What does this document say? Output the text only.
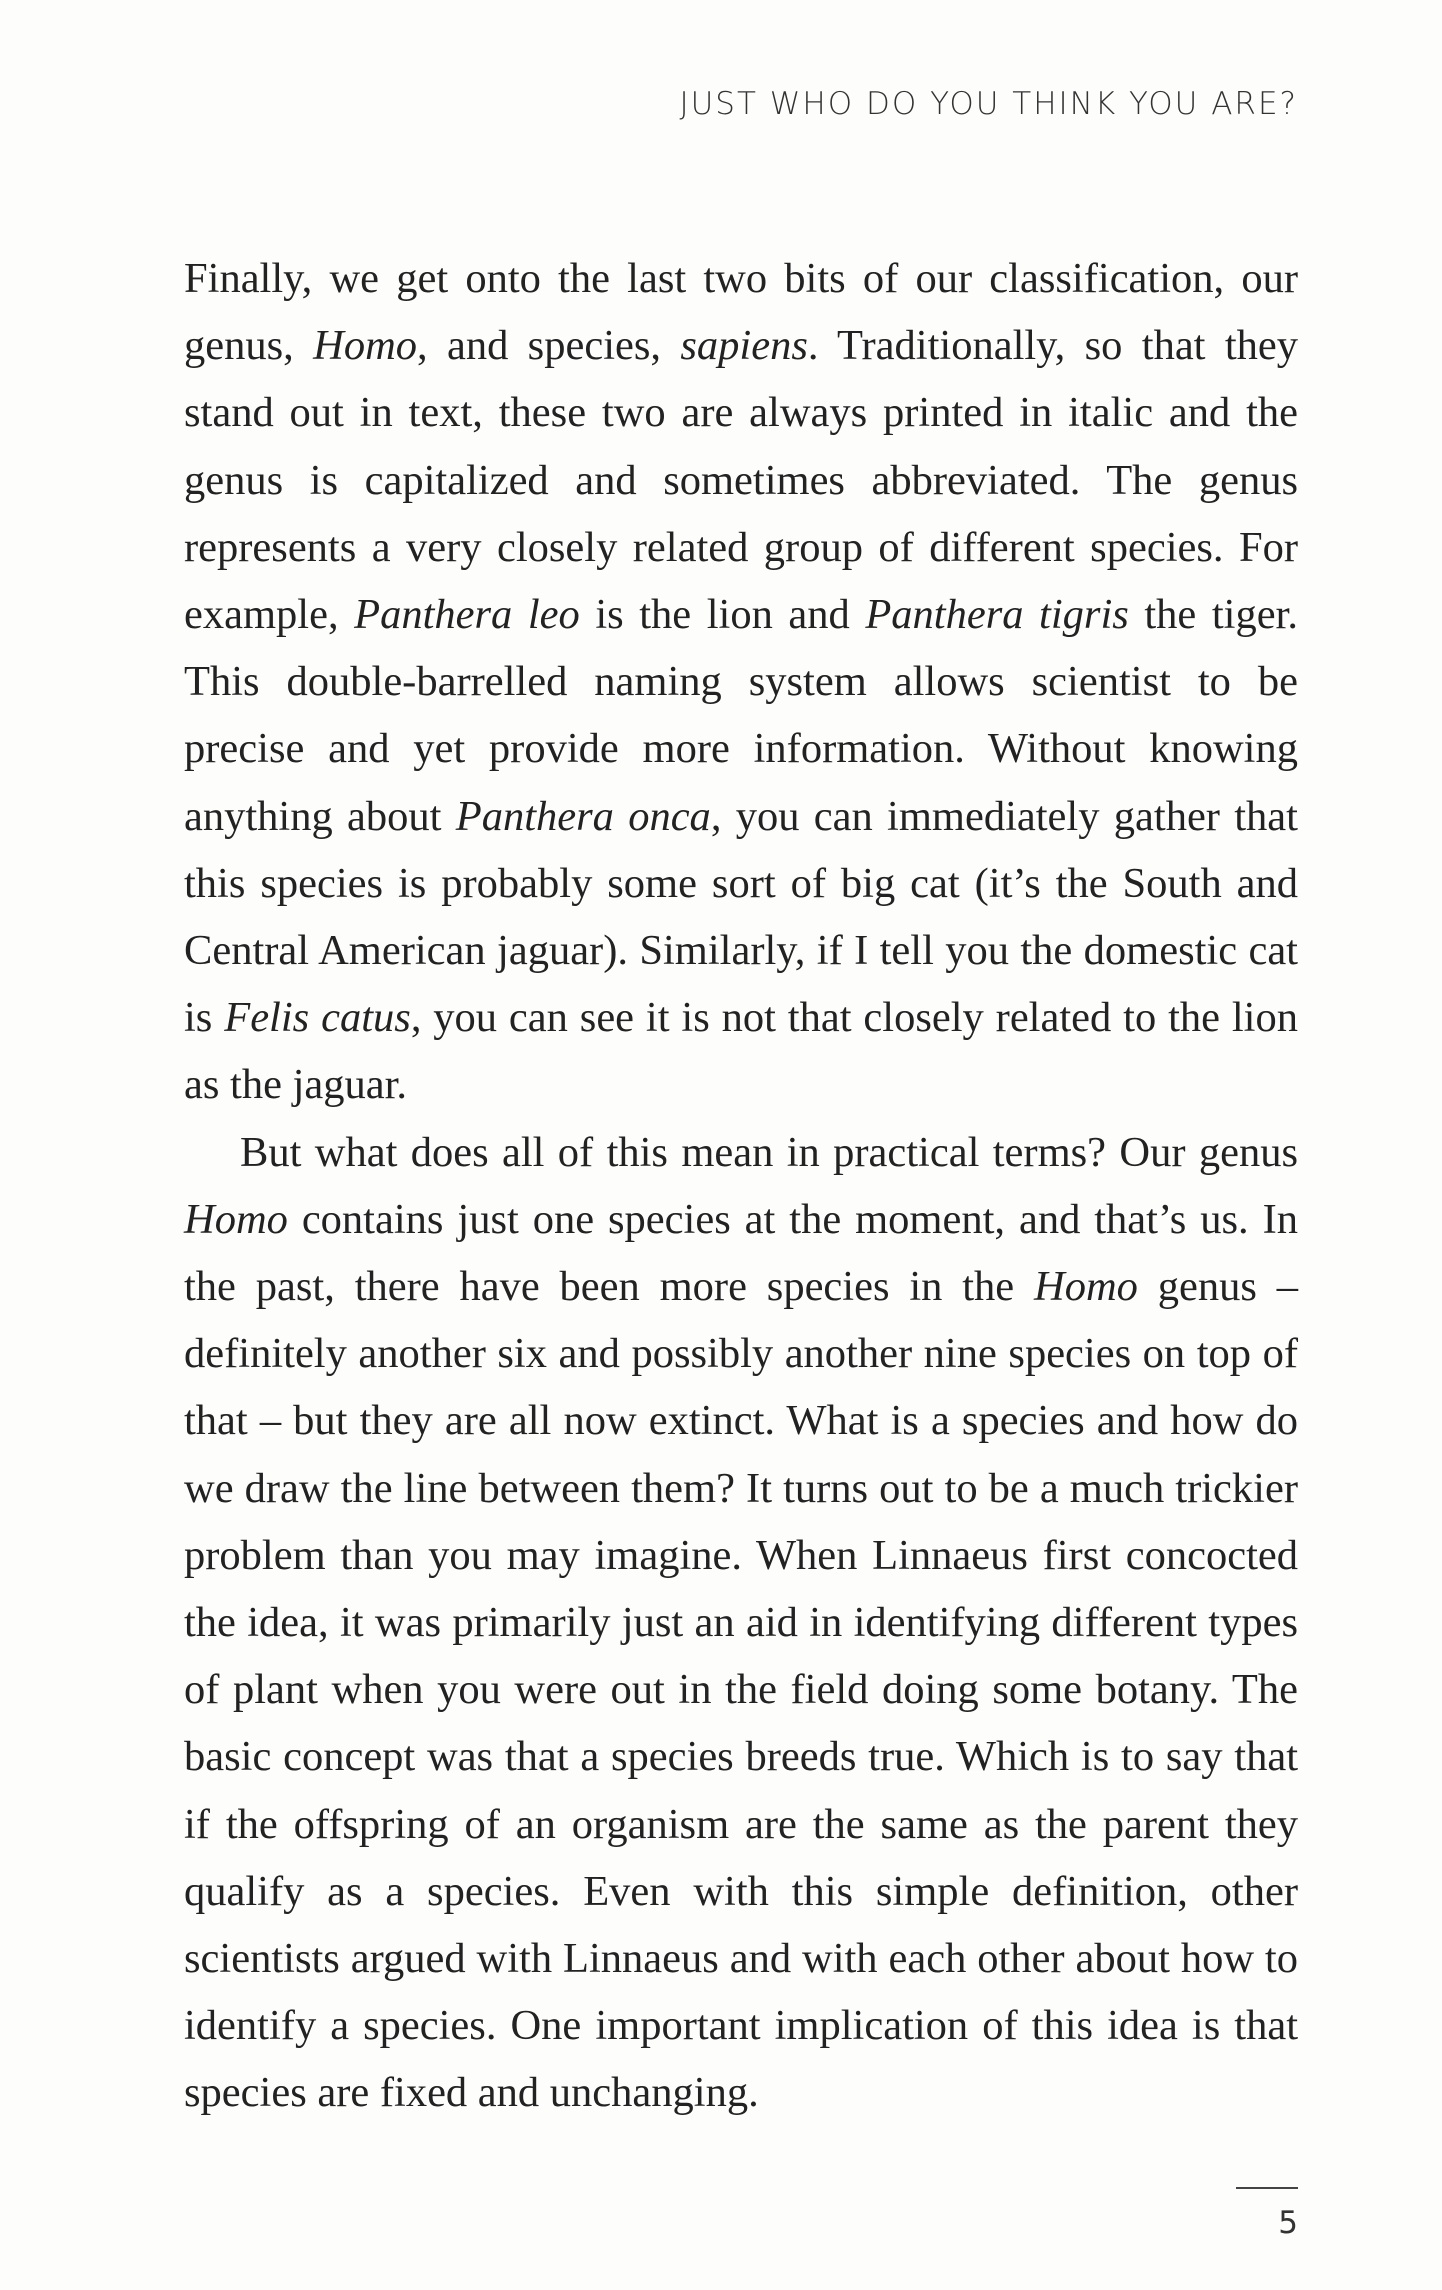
JUST WHO DO YOU THINK YOU ARE?

Finally, we get onto the last two bits of our classification, our genus, Homo, and species, sapiens. Traditionally, so that they stand out in text, these two are always printed in italic and the genus is capitalized and sometimes abbreviated. The genus represents a very closely related group of different species. For example, Panthera leo is the lion and Panthera tigris the tiger. This double-barrelled naming system allows scientist to be precise and yet provide more information. Without knowing anything about Panthera onca, you can immediately gather that this species is probably some sort of big cat (it’s the South and Central American jaguar). Similarly, if I tell you the domestic cat is Felis catus, you can see it is not that closely related to the lion as the jaguar.

But what does all of this mean in practical terms? Our genus Homo contains just one species at the moment, and that’s us. In the past, there have been more species in the Homo genus – definitely another six and possibly another nine species on top of that – but they are all now extinct. What is a species and how do we draw the line between them? It turns out to be a much trickier problem than you may imagine. When Linnaeus first concocted the idea, it was primarily just an aid in identifying different types of plant when you were out in the field doing some botany. The basic concept was that a species breeds true. Which is to say that if the offspring of an organism are the same as the parent they qualify as a species. Even with this simple definition, other scientists argued with Linnaeus and with each other about how to identify a species. One important implication of this idea is that species are fixed and unchanging.

5
